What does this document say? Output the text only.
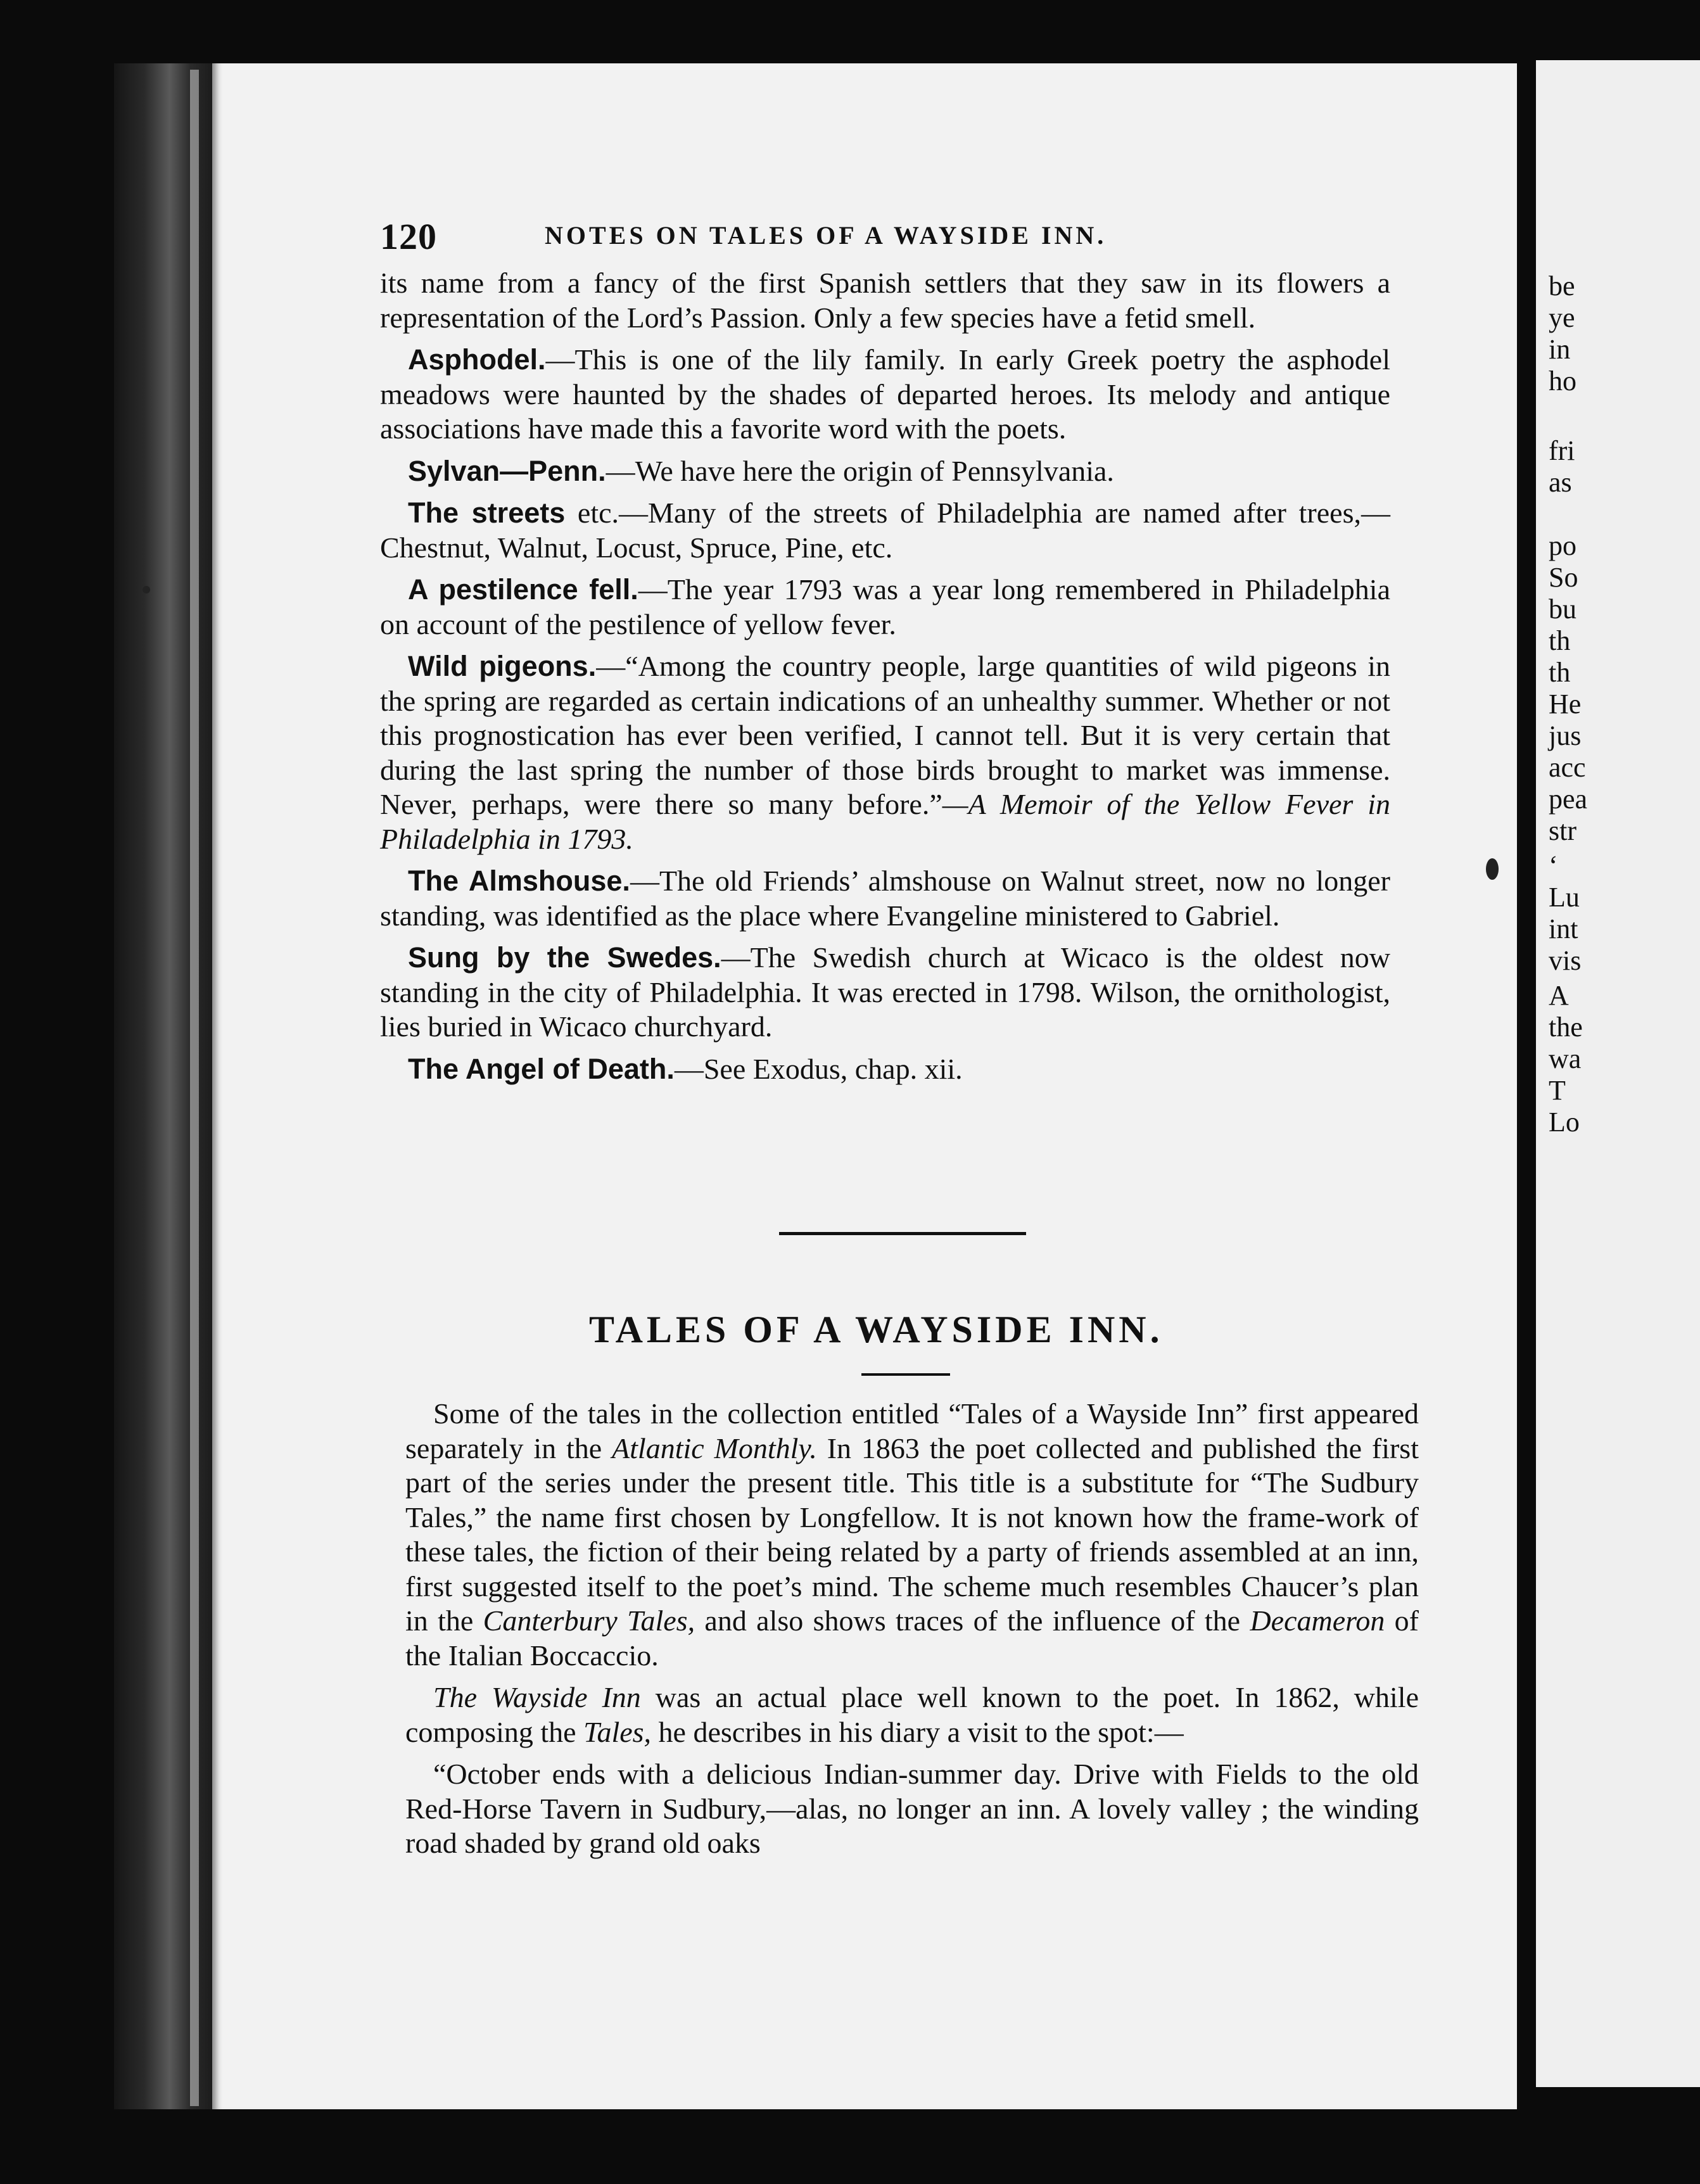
be
ye
in
ho
fri
as
po
So
bu
th
th
He
jus
acc
pea
str
‘
Lu
int
vis
A
the
wa
T
Lo
120	NOTES ON TALES OF A WAYSIDE INN.

its name from a fancy of the first Spanish settlers that they saw in its flowers a representation of the Lord’s Passion. Only a few species have a fetid smell.

Asphodel.—This is one of the lily family. In early Greek poetry the asphodel meadows were haunted by the shades of departed heroes. Its melody and antique associations have made this a favorite word with the poets.

Sylvan—Penn.—We have here the origin of Pennsylvania.

The streets etc.—Many of the streets of Philadelphia are named after trees,—Chestnut, Walnut, Locust, Spruce, Pine, etc.

A pestilence fell.—The year 1793 was a year long remembered in Philadelphia on account of the pestilence of yellow fever.

Wild pigeons.—“Among the country people, large quantities of wild pigeons in the spring are regarded as certain indications of an unhealthy summer. Whether or not this prognostication has ever been verified, I cannot tell. But it is very certain that during the last spring the number of those birds brought to market was immense. Never, perhaps, were there so many before.”—A Memoir of the Yellow Fever in Philadelphia in 1793.

The Almshouse.—The old Friends’ almshouse on Walnut street, now no longer standing, was identified as the place where Evangeline ministered to Gabriel.

Sung by the Swedes.—The Swedish church at Wicaco is the oldest now standing in the city of Philadelphia. It was erected in 1798. Wilson, the ornithologist, lies buried in Wicaco churchyard.

The Angel of Death.—See Exodus, chap. xii.

TALES OF A WAYSIDE INN.

Some of the tales in the collection entitled “Tales of a Wayside Inn” first appeared separately in the Atlantic Monthly. In 1863 the poet collected and published the first part of the series under the present title. This title is a substitute for “The Sudbury Tales,” the name first chosen by Longfellow. It is not known how the frame-work of these tales, the fiction of their being related by a party of friends assembled at an inn, first suggested itself to the poet’s mind. The scheme much resembles Chaucer’s plan in the Canterbury Tales, and also shows traces of the influence of the Decameron of the Italian Boccaccio.

The Wayside Inn was an actual place well known to the poet. In 1862, while composing the Tales, he describes in his diary a visit to the spot:—

“October ends with a delicious Indian-summer day. Drive with Fields to the old Red-Horse Tavern in Sudbury,—alas, no longer an inn. A lovely valley ; the winding road shaded by grand old oaks
